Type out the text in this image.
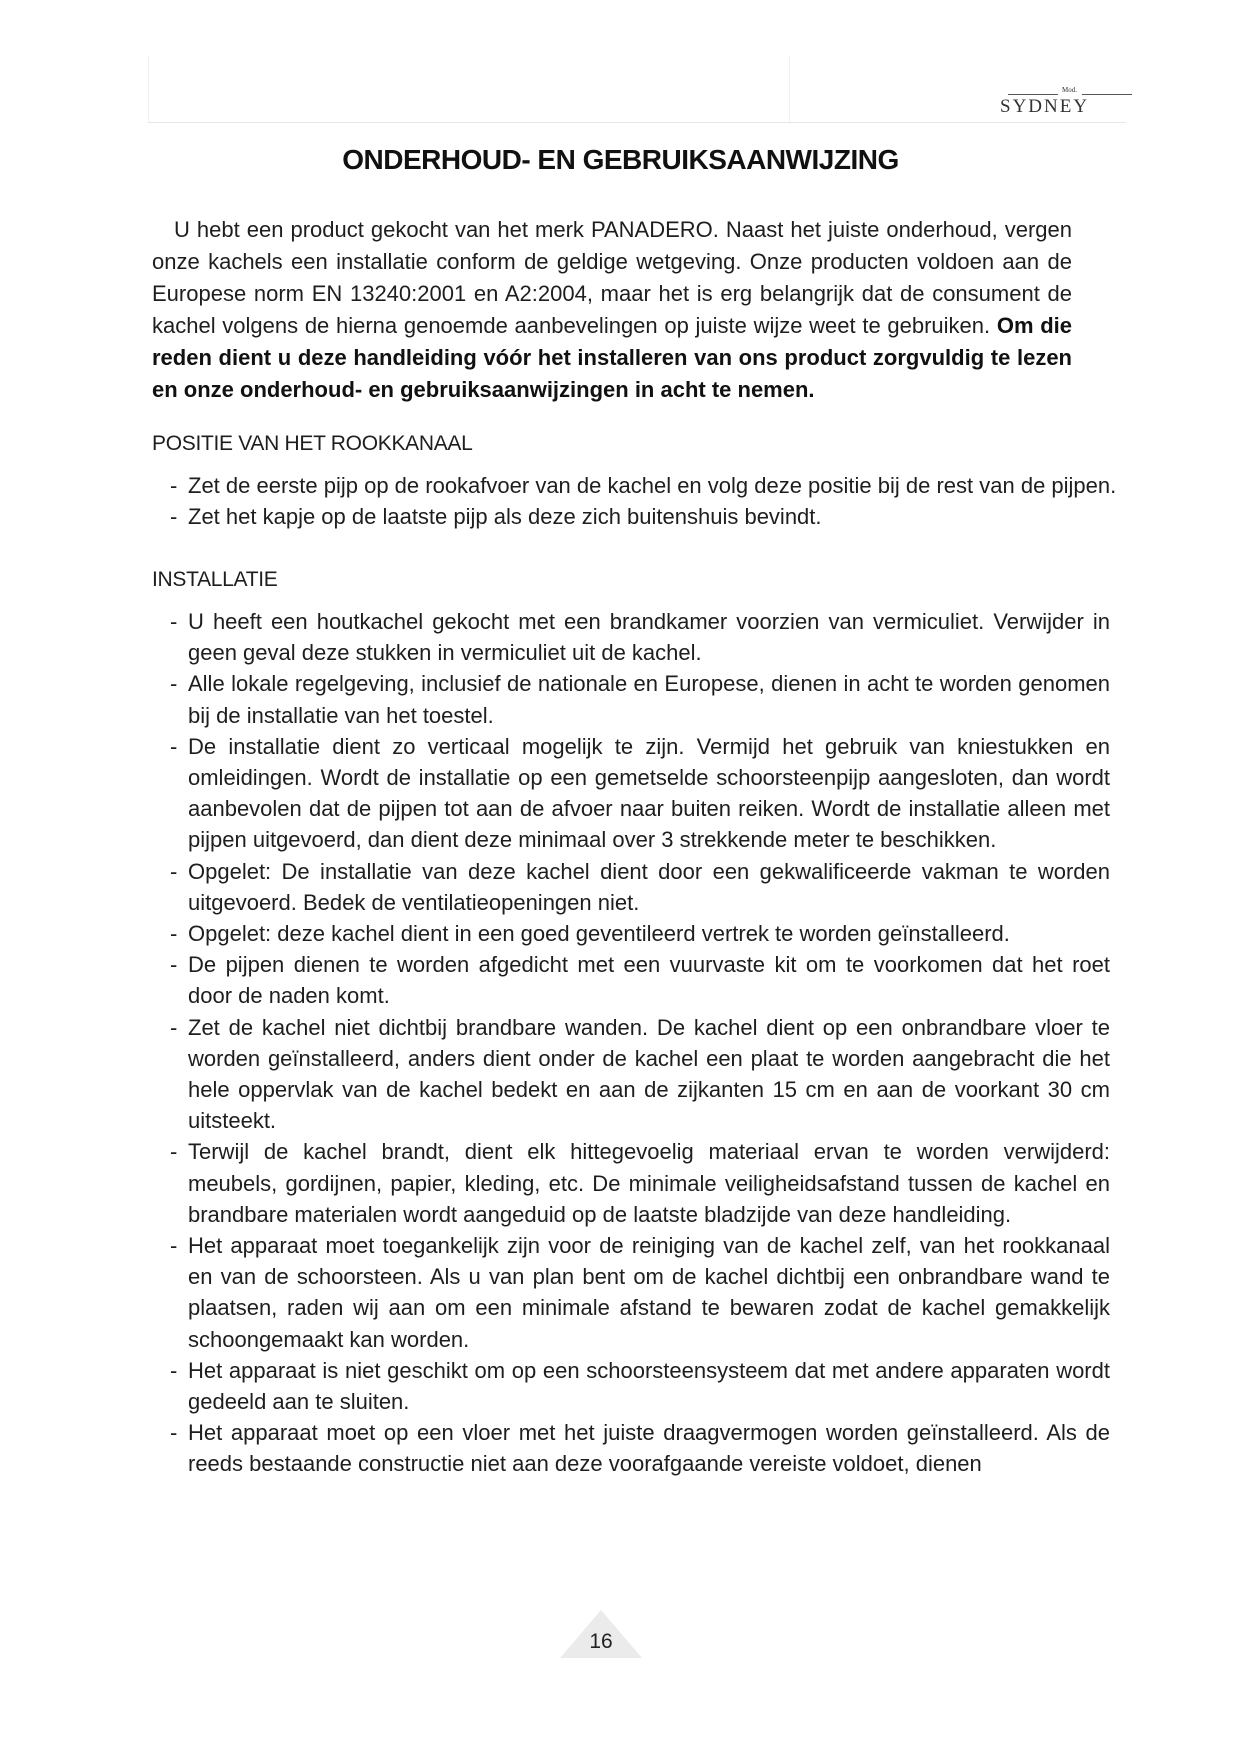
Mod.
SYDNEY
ONDERHOUD- EN GEBRUIKSAANWIJZING

U hebt een product gekocht van het merk PANADERO. Naast het juiste onderhoud, vergen onze kachels een installatie conform de geldige wetgeving. Onze producten voldoen aan de Europese norm EN 13240:2001 en A2:2004, maar het is erg belangrijk dat de consument de kachel volgens de hierna genoemde aanbevelingen op juiste wijze weet te gebruiken. Om die reden dient u deze handleiding vóór het installeren van ons product zorgvuldig te lezen en onze onderhoud- en gebruiksaanwijzingen in acht te nemen.

POSITIE VAN HET ROOKKANAAL
- Zet de eerste pijp op de rookafvoer van de kachel en volg deze positie bij de rest van de pijpen.
- Zet het kapje op de laatste pijp als deze zich buitenshuis bevindt.
INSTALLATIE
- U heeft een houtkachel gekocht met een brandkamer voorzien van vermiculiet. Verwijder in geen geval deze stukken in vermiculiet uit de kachel.
- Alle lokale regelgeving, inclusief de nationale en Europese, dienen in acht te worden genomen bij de installatie van het toestel.
- De installatie dient zo verticaal mogelijk te zijn. Vermijd het gebruik van kniestukken en omleidingen. Wordt de installatie op een gemetselde schoorsteenpijp aangesloten, dan wordt aanbevolen dat de pijpen tot aan de afvoer naar buiten reiken. Wordt de installatie alleen met pijpen uitgevoerd, dan dient deze minimaal over 3 strekkende meter te beschikken.
- Opgelet: De installatie van deze kachel dient door een gekwalificeerde vakman te worden uitgevoerd. Bedek de ventilatieopeningen niet.
- Opgelet: deze kachel dient in een goed geventileerd vertrek te worden geïnstalleerd.
- De pijpen dienen te worden afgedicht met een vuurvaste kit om te voorkomen dat het roet door de naden komt.
- Zet de kachel niet dichtbij brandbare wanden. De kachel dient op een onbrandbare vloer te worden geïnstalleerd, anders dient onder de kachel een plaat te worden aangebracht die het hele oppervlak van de kachel bedekt en aan de zijkanten 15 cm en aan de voorkant 30 cm uitsteekt.
- Terwijl de kachel brandt, dient elk hittegevoelig materiaal ervan te worden verwijderd: meubels, gordijnen, papier, kleding, etc. De minimale veiligheidsafstand tussen de kachel en brandbare materialen wordt aangeduid op de laatste bladzijde van deze handleiding.
- Het apparaat moet toegankelijk zijn voor de reiniging van de kachel zelf, van het rookkanaal en van de schoorsteen. Als u van plan bent om de kachel dichtbij een onbrandbare wand te plaatsen, raden wij aan om een minimale afstand te bewaren zodat de kachel gemakkelijk schoongemaakt kan worden.
- Het apparaat is niet geschikt om op een schoorsteensysteem dat met andere apparaten wordt gedeeld aan te sluiten.
- Het apparaat moet op een vloer met het juiste draagvermogen worden geïnstalleerd. Als de reeds bestaande constructie niet aan deze voorafgaande vereiste voldoet, dienen
16
